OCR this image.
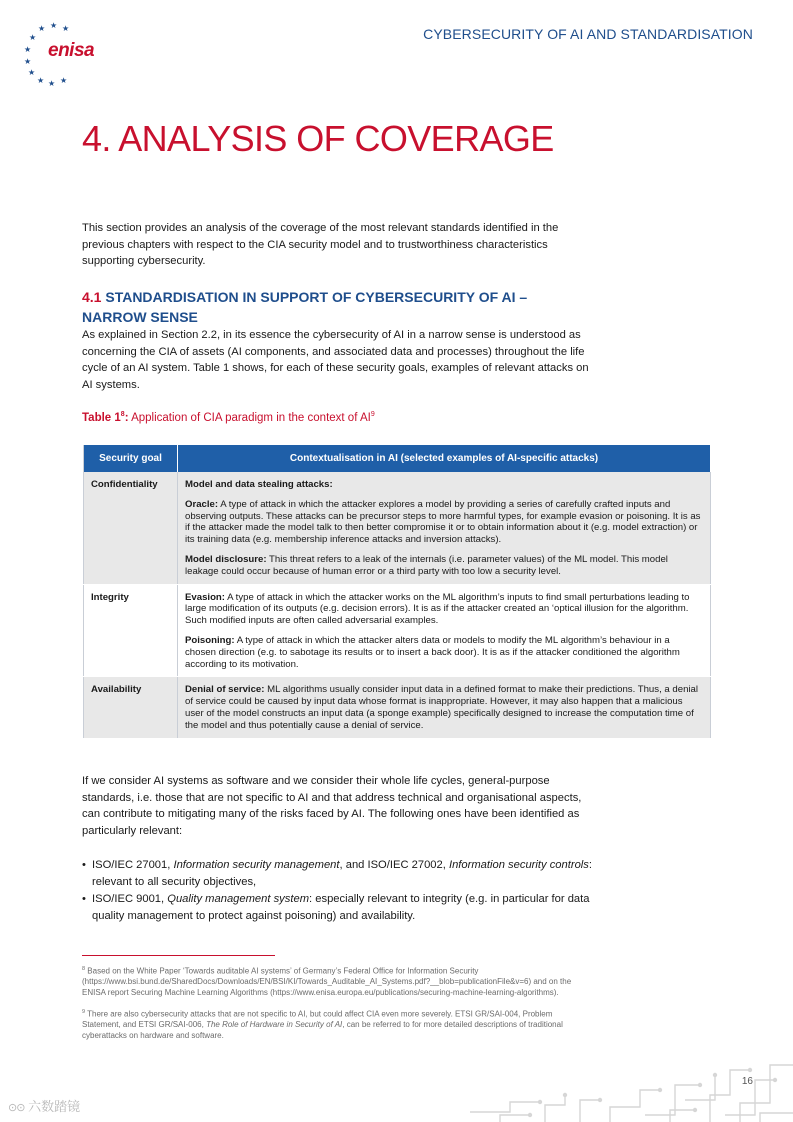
★ ★ ★
★
★
★
★
★ ★ ★
enisa
CYBERSECURITY OF AI AND STANDARDISATION
4. ANALYSIS OF COVERAGE

This section provides an analysis of the coverage of the most relevant standards identified in the previous chapters with respect to the CIA security model and to trustworthiness characteristics supporting cybersecurity.

4.1 STANDARDISATION IN SUPPORT OF CYBERSECURITY OF AI – NARROW SENSE

As explained in Section 2.2, in its essence the cybersecurity of AI in a narrow sense is understood as concerning the CIA of assets (AI components, and associated data and processes) throughout the life cycle of an AI system. Table 1 shows, for each of these security goals, examples of relevant attacks on AI systems.

Table $1^8$: Application of CIA paradigm in the context of $AI^9$
Security goal	Contextualisation in AI (selected examples of AI-specific attacks)
Confidentiality	Model and data stealing attacks:

Oracle: A type of attack in which the attacker explores a model by providing a series of carefully crafted inputs and observing outputs. These attacks can be precursor steps to more harmful types, for example evasion or poisoning. It is as if the attacker made the model talk to then better compromise it or to obtain information about it (e.g. model extraction) or its training data (e.g. membership inference attacks and inversion attacks).

Model disclosure: This threat refers to a leak of the internals (i.e. parameter values) of the ML model. This model leakage could occur because of human error or a third party with too low a security level.

Integrity	Evasion: A type of attack in which the attacker works on the ML algorithm’s inputs to find small perturbations leading to large modification of its outputs (e.g. decision errors). It is as if the attacker created an ‘optical illusion for the algorithm. Such modified inputs are often called adversarial examples.

Poisoning: A type of attack in which the attacker alters data or models to modify the ML algorithm’s behaviour in a chosen direction (e.g. to sabotage its results or to insert a back door). It is as if the attacker conditioned the algorithm according to its motivation.

Availability	Denial of service: ML algorithms usually consider input data in a defined format to make their predictions. Thus, a denial of service could be caused by input data whose format is inappropriate. However, it may also happen that a malicious user of the model constructs an input data (a sponge example) specifically designed to increase the computation time of the model and thus potentially cause a denial of service.

If we consider AI systems as software and we consider their whole life cycles, general-purpose standards, i.e. those that are not specific to AI and that address technical and organisational aspects, can contribute to mitigating many of the risks faced by AI. The following ones have been identified as particularly relevant:

• ISO/IEC 27001, Information security management, and ISO/IEC 27002, Information security controls: relevant to all security objectives,
• ISO/IEC 9001, Quality management system: especially relevant to integrity (e.g. in particular for data quality management to protect against poisoning) and availability.
$^8$ Based on the White Paper ‘Towards auditable AI systems’ of Germany’s Federal Office for Information Security (https://www.bsi.bund.de/SharedDocs/Downloads/EN/BSI/KI/Towards_Auditable_AI_Systems.pdf?__blob=publicationFile&v=6) and on the ENISA report Securing Machine Learning Algorithms (https://www.enisa.europa.eu/publications/securing-machine-learning-algorithms).
$^9$ There are also cybersecurity attacks that are not specific to AI, but could affect CIA even more severely. ETSI GR/SAI-004, Problem Statement, and ETSI GR/SAI-006, The Role of Hardware in Security of AI, can be referred to for more detailed descriptions of traditional cyberattacks on hardware and software.
16
⊙⊙ 六数踏镜
